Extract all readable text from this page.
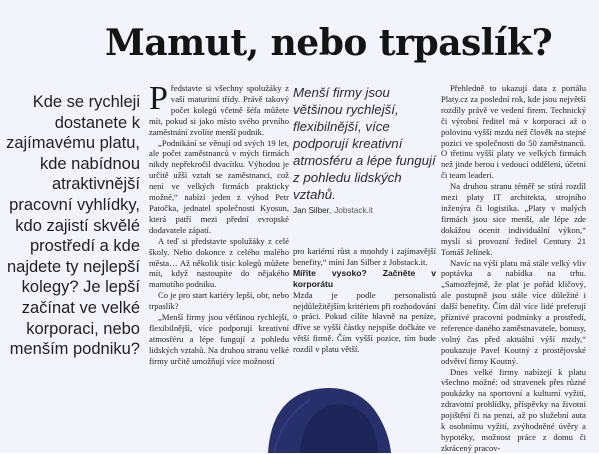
Mamut, nebo trpaslík?

Kde se rychleji dostanete k zajímavému platu, kde nabídnou atraktivnější pracovní vyhlídky, kdo zajistí skvělé prostředí a kde najdete ty nejlepší kolegy? Je lepší začínat ve velké korporaci, nebo menším podniku?

Představte si všechny spolužáky z vaší maturitní třídy. Právě takový počet kolegů včetně šéfa můžete mít, pokud si jako místo svého prvního zaměstnání zvolíte menší podnik.

„Podnikání se věnují od svých 19 let, ale počet zaměstnanců v mých firmách nikdy nepřekročil dvacítku. Výhodou je určitě užší vztah se zaměstnanci, což není ve velkých firmách prakticky možné,“ nabízí jeden z výhod Petr Patočka, jednatel společnosti Kyosun, která patří mezi přední evropské dodavatele zápatí.

A teď si představte spolužáky z celé školy. Nebo dokonce z celého malého města… Až několik tisíc kolegů můžete mít, když nastoupíte do nějakého mamutího podniku.

Co je pro start kariéry lepší, obr, nebo trpaslík?

„Menší firmy jsou většinou rychlejší, flexibilnější, více podporují kreativní atmosféru a lépe fungují z pohledu lidských vztahů. Na druhou stranu velké firmy určitě umožňují více možností

Menší firmy jsou většinou rychlejší, flexibilnější, více podporují kreativní atmosféru a lépe fungují z pohledu lidských vztahů.

Jan Silber, Jobstack.it

pro kariérní růst a mnohdy i zajímavější benefity,“ míní Jan Silber z Jobstack.it.

Mířite vysoko? Začněte v korporátu

Mzda je podle personalistů nejdůležitějším kritériem při rozhodování o práci. Pokud cílíte hlavně na peníze, dříve se vyšší částky nejspíše dočkáte ve větší firmě. Čím vyšší pozice, tím bude rozdíl v platu větší.

Přehledně to ukazují data z portálu Platy.cz za poslední rok, kde jsou největší rozdíly právě ve vedení firem. Technický či výrobní ředitel má v korporaci až o polovinu vyšší mzdu než člověk na stejné pozici ve společnosti do 50 zaměstnanců. O třetinu vyšší platy ve velkých firmách než jinde berou i vedoucí oddělení, účetní či team leaderi.

Na druhou stranu téměř se stírá rozdíl mezi platy IT architekta, strojního inženýra či logistika. „Platy v malých firmách jsou sice menší, ale lépe zde dokážou ocenit individuální výkon,“ myslí si provozní ředitel Century 21 Tomáš Jelínek.

Navíc na výši platu má stále velký vliv poptávka a nabídka na trhu. „Samozřejmě, že plat je pořád klíčový, ale postupně jsou stále více důležité i další benefity. Čím dál více lidé preferují příznivé pracovní podmínky a prostředí, reference daného zaměstnavatele, bonusy, volný čas před aktuální výší mzdy,“ poukazuje Pavel Koutný z prostějovské odvětví firmy Koutný.

Dnes velké firmy nabízejí k platu všechno možné: od stravenek přes různé poukázky na sportovní a kulturní vyžití, zdravotní prohlídky, příspěvky na životní pojištění či na penzi, až po služební auta k osobnímu vyžití, zvýhodněné úvěry a hypotéky, možnost práce z domu či zkrácený pracov-
